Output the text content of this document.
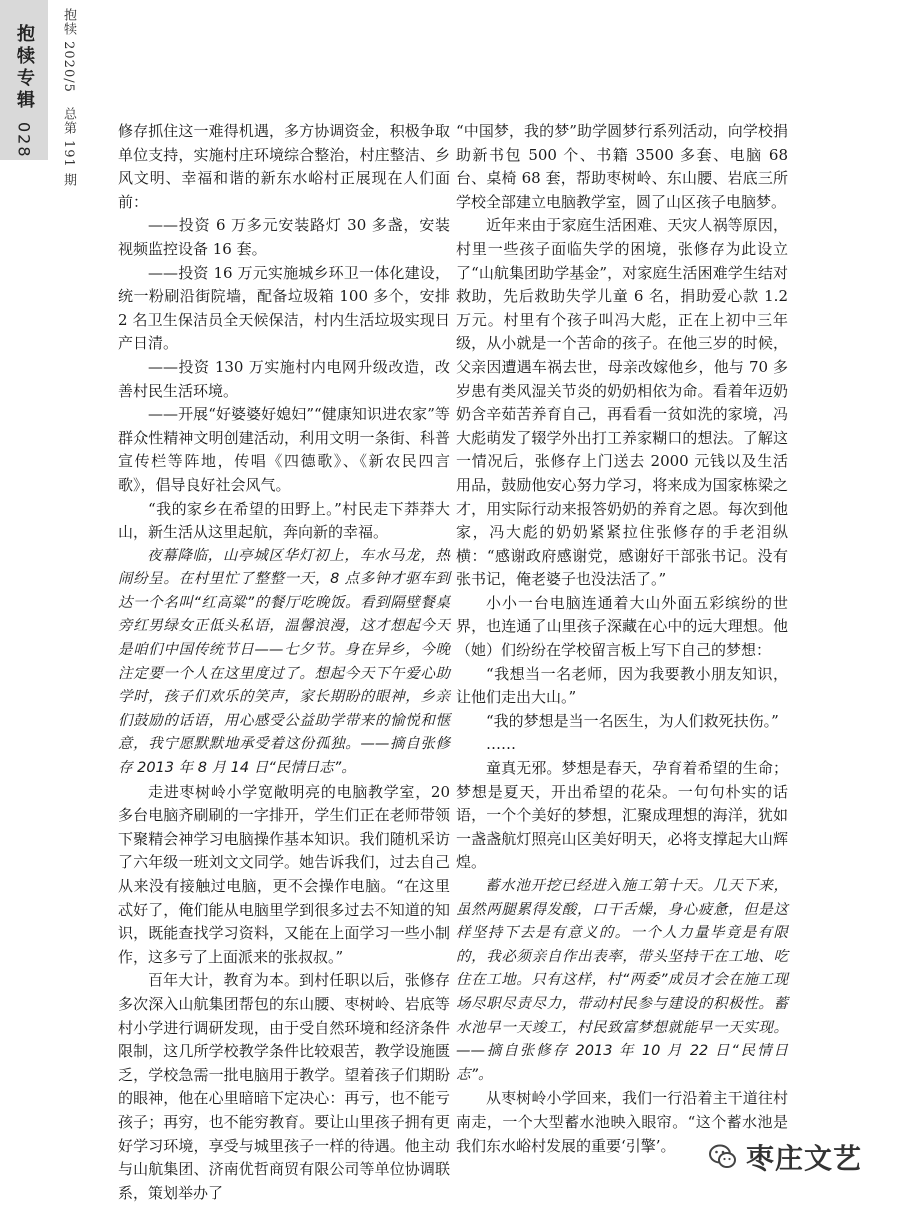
抱犊专辑
028	抱犊 2020/5　总第 191 期	修存抓住这一难得机遇，多方协调资金，积极争取单位支持，实施村庄环境综合整治，村庄整洁、乡风文明、幸福和谐的新东水峪村正展现在人们面前：

——投资 6 万多元安装路灯 30 多盏，安装视频监控设备 16 套。

——投资 16 万元实施城乡环卫一体化建设，统一粉刷沿街院墙，配备垃圾箱 100 多个，安排 2 名卫生保洁员全天候保洁，村内生活垃圾实现日产日清。

——投资 130 万实施村内电网升级改造，改善村民生活环境。

——开展“好婆婆好媳妇”“健康知识进农家”等群众性精神文明创建活动，利用文明一条街、科普宣传栏等阵地，传唱《四德歌》、《新农民四言歌》，倡导良好社会风气。

“我的家乡在希望的田野上。”村民走下莽莽大山，新生活从这里起航，奔向新的幸福。

夜幕降临，山亭城区华灯初上，车水马龙，热闹纷呈。在村里忙了整整一天，8 点多钟才驱车到达一个名叫“红高粱”的餐厅吃晚饭。看到隔壁餐桌旁红男绿女正低头私语，温馨浪漫，这才想起今天是咱们中国传统节日——七夕节。身在异乡，今晚注定要一个人在这里度过了。想起今天下午爱心助学时，孩子们欢乐的笑声，家长期盼的眼神，乡亲们鼓励的话语，用心感受公益助学带来的愉悦和惬意，我宁愿默默地承受着这份孤独。——摘自张修存 2013 年 8 月 14 日“民情日志”。

走进枣树岭小学宽敞明亮的电脑教学室，20 多台电脑齐刷刷的一字排开，学生们正在老师带领下聚精会神学习电脑操作基本知识。我们随机采访了六年级一班刘文文同学。她告诉我们，过去自己从来没有接触过电脑，更不会操作电脑。“在这里忒好了，俺们能从电脑里学到很多过去不知道的知识，既能查找学习资料，又能在上面学习一些小制作，这多亏了上面派来的张叔叔。”

百年大计，教育为本。到村任职以后，张修存多次深入山航集团帮包的东山腰、枣树岭、岩底等村小学进行调研发现，由于受自然环境和经济条件限制，这几所学校教学条件比较艰苦，教学设施匮乏，学校急需一批电脑用于教学。望着孩子们期盼的眼神，他在心里暗暗下定决心：再亏，也不能亏孩子；再穷，也不能穷教育。要让山里孩子拥有更好学习环境，享受与城里孩子一样的待遇。他主动与山航集团、济南优哲商贸有限公司等单位协调联系，策划举办了

“中国梦，我的梦”助学圆梦行系列活动，向学校捐助新书包 500 个、书籍 3500 多套、电脑 68 台、桌椅 68 套，帮助枣树岭、东山腰、岩底三所学校全部建立电脑教学室，圆了山区孩子电脑梦。

近年来由于家庭生活困难、天灾人祸等原因，村里一些孩子面临失学的困境，张修存为此设立了“山航集团助学基金”，对家庭生活困难学生结对救助，先后救助失学儿童 6 名，捐助爱心款 1.2 万元。村里有个孩子叫冯大彪，正在上初中三年级，从小就是一个苦命的孩子。在他三岁的时候，父亲因遭遇车祸去世，母亲改嫁他乡，他与 70 多岁患有类风湿关节炎的奶奶相依为命。看着年迈奶奶含辛茹苦养育自己，再看看一贫如洗的家境，冯大彪萌发了辍学外出打工养家糊口的想法。了解这一情况后，张修存上门送去 2000 元钱以及生活用品，鼓励他安心努力学习，将来成为国家栋梁之才，用实际行动来报答奶奶的养育之恩。每次到他家，冯大彪的奶奶紧紧拉住张修存的手老泪纵横：“感谢政府感谢党，感谢好干部张书记。没有张书记，俺老婆子也没法活了。”

小小一台电脑连通着大山外面五彩缤纷的世界，也连通了山里孩子深藏在心中的远大理想。他（她）们纷纷在学校留言板上写下自己的梦想：

“我想当一名老师，因为我要教小朋友知识，让他们走出大山。”

“我的梦想是当一名医生，为人们救死扶伤。”

……

童真无邪。梦想是春天，孕育着希望的生命；梦想是夏天，开出希望的花朵。一句句朴实的话语，一个个美好的梦想，汇聚成理想的海洋，犹如一盏盏航灯照亮山区美好明天，必将支撑起大山辉煌。

蓄水池开挖已经进入施工第十天。几天下来，虽然两腿累得发酸，口干舌燥，身心疲惫，但是这样坚持下去是有意义的。一个人力量毕竟是有限的，我必须亲自作出表率，带头坚持干在工地、吃住在工地。只有这样，村“两委”成员才会在施工现场尽职尽责尽力，带动村民参与建设的积极性。蓄水池早一天竣工，村民致富梦想就能早一天实现。——摘自张修存 2013 年 10 月 22 日“民情日志”。

从枣树岭小学回来，我们一行沿着主干道往村南走，一个大型蓄水池映入眼帘。“这个蓄水池是我们东水峪村发展的重要‘引擎’。	枣庄文艺
